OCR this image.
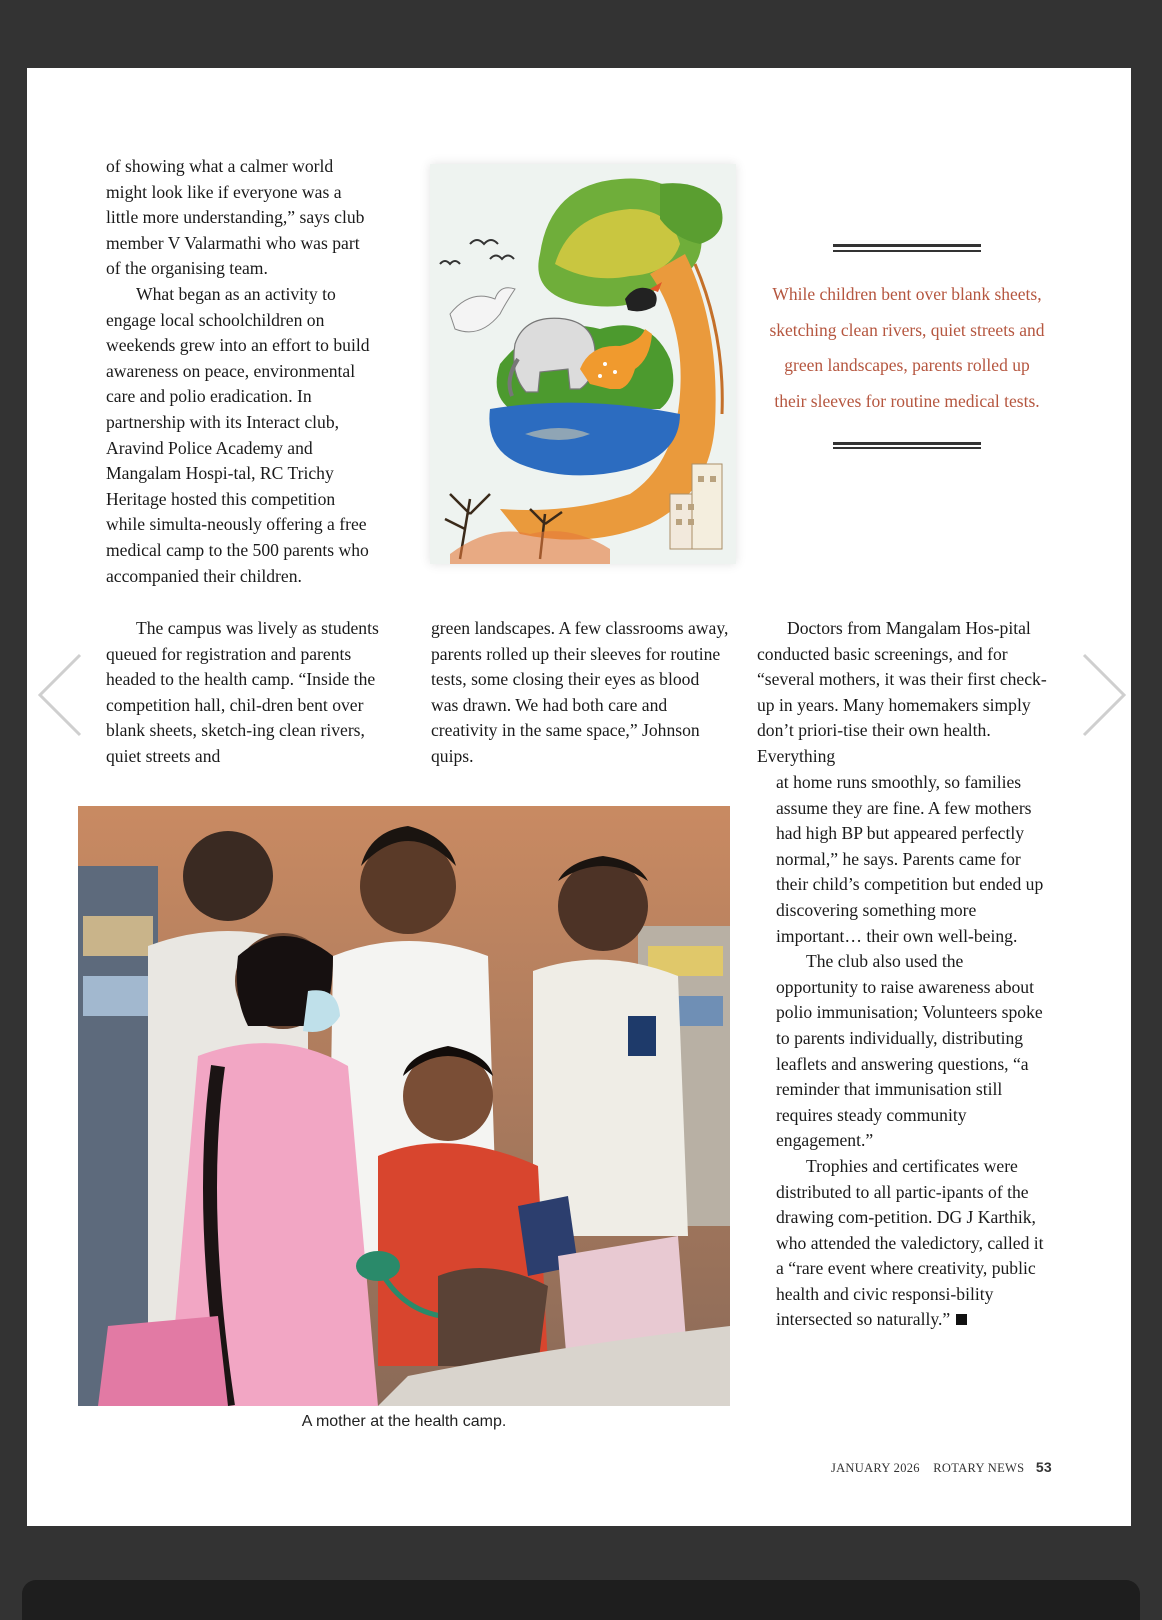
of showing what a calmer world might look like if everyone was a little more understanding,” says club member V Valarmathi who was part of the organising team.

What began as an activity to engage local schoolchildren on weekends grew into an effort to build awareness on peace, environmental care and polio eradication. In partnership with its Interact club, Aravind Police Academy and Mangalam Hospi-tal, RC Trichy Heritage hosted this competition while simulta-neously offering a free medical camp to the 500 parents who accompanied their children.

While children bent over blank sheets, sketching clean rivers, quiet streets and green landscapes, parents rolled up their sleeves for routine medical tests.

The campus was lively as students queued for registration and parents headed to the health camp. “Inside the competition hall, chil-dren bent over blank sheets, sketch-ing clean rivers, quiet streets and

green landscapes. A few classrooms away, parents rolled up their sleeves for routine tests, some closing their eyes as blood was drawn. We had both care and creativity in the same space,” Johnson quips.

Doctors from Mangalam Hos-pital conducted basic screenings, and for “several mothers, it was their first check-up in years. Many homemakers simply don’t priori-tise their own health. Everything

A mother at the health camp.

at home runs smoothly, so families assume they are fine. A few mothers had high BP but appeared perfectly normal,” he says. Parents came for their child’s competition but ended up discovering something more important… their own well-being.

The club also used the opportunity to raise awareness about polio immunisation; Volunteers spoke to parents individually, distributing leaflets and answering questions, “a reminder that immunisation still requires steady community engagement.”

Trophies and certificates were distributed to all partic-ipants of the drawing com-petition. DG J Karthik, who attended the valedictory, called it a “rare event where creativity, public health and civic responsi-bility intersected so naturally.”

JANUARY 2026 ROTARY NEWS 53
